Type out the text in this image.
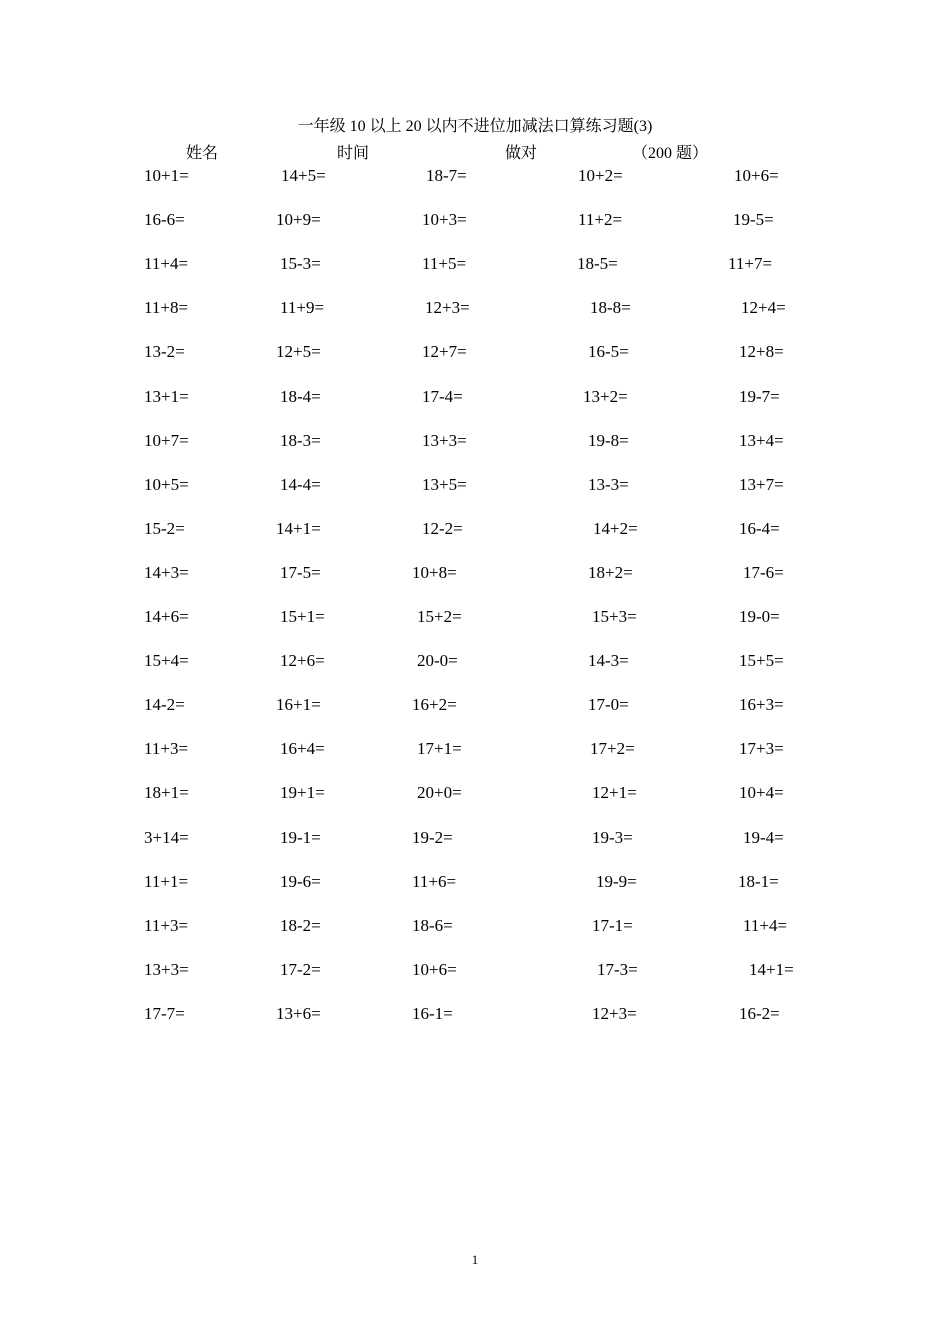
一年级 10 以上 20 以内不进位加减法口算练习题(3)
姓名	时间	做对	（200 题）
10+1=	14+5=	18-7=	10+2=	10+6=
16-6=	10+9=	10+3=	11+2=	19-5=
11+4=	15-3=	11+5=	18-5=	11+7=
11+8=	11+9=	12+3=	18-8=	12+4=
13-2=	12+5=	12+7=	16-5=	12+8=
13+1=	18-4=	17-4=	13+2=	19-7=
10+7=	18-3=	13+3=	19-8=	13+4=
10+5=	14-4=	13+5=	13-3=	13+7=
15-2=	14+1=	12-2=	14+2=	16-4=
14+3=	17-5=	10+8=	18+2=	17-6=
14+6=	15+1=	15+2=	15+3=	19-0=
15+4=	12+6=	20-0=	14-3=	15+5=
14-2=	16+1=	16+2=	17-0=	16+3=
11+3=	16+4=	17+1=	17+2=	17+3=
18+1=	19+1=	20+0=	12+1=	10+4=
3+14=	19-1=	19-2=	19-3=	19-4=
11+1=	19-6=	11+6=	19-9=	18-1=
11+3=	18-2=	18-6=	17-1=	11+4=
13+3=	17-2=	10+6=	17-3=	14+1=
17-7=	13+6=	16-1=	12+3=	16-2=
1
